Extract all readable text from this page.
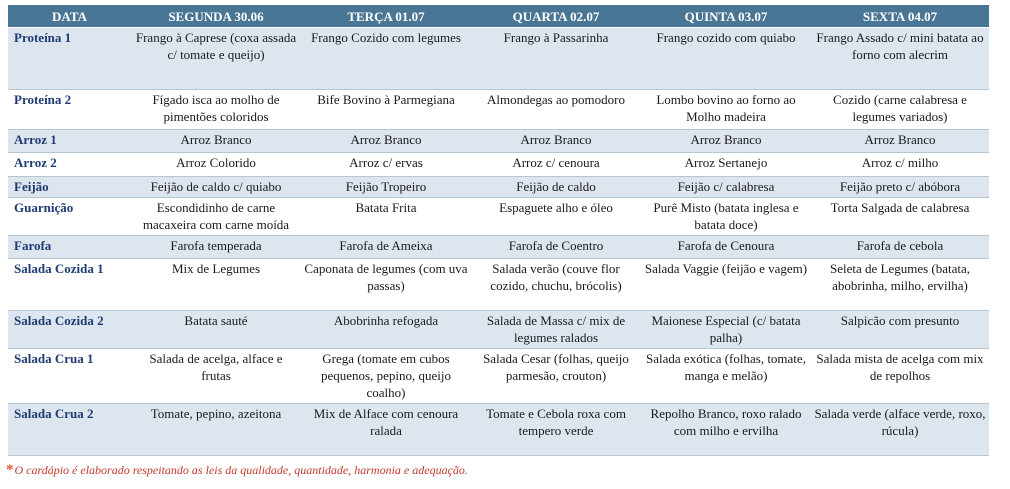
DATA	SEGUNDA 30.06	TERÇA 01.07	QUARTA 02.07	QUINTA 03.07	SEXTA 04.07
Proteína 1	Frango à Caprese (coxa assada c/ tomate e queijo)	Frango Cozido com legumes	Frango à Passarinha	Frango cozido com quiabo	Frango Assado c/ mini batata ao forno com alecrim
Proteína 2	Fígado isca ao molho de pimentões coloridos	Bife Bovino à Parmegiana	Almondegas ao pomodoro	Lombo bovino ao forno ao Molho madeira	Cozido (carne calabresa e legumes variados)
Arroz 1	Arroz Branco	Arroz Branco	Arroz Branco	Arroz Branco	Arroz Branco
Arroz 2	Arroz Colorido	Arroz c/ ervas	Arroz c/ cenoura	Arroz Sertanejo	Arroz c/ milho
Feijão	Feijão de caldo c/ quiabo	Feijão Tropeiro	Feijão de caldo	Feijão c/ calabresa	Feijão preto c/ abóbora
Guarnição	Escondidinho de carne macaxeira com carne moída	Batata Frita	Espaguete alho e óleo	Purê Misto (batata inglesa e batata doce)	Torta Salgada de calabresa
Farofa	Farofa temperada	Farofa de Ameixa	Farofa de Coentro	Farofa de Cenoura	Farofa de cebola
Salada Cozida 1	Mix de Legumes	Caponata de legumes (com uva passas)	Salada verão (couve flor cozido, chuchu, brócolis)	Salada Vaggie (feijão e vagem)	Seleta de Legumes (batata, abobrinha, milho, ervilha)
Salada Cozida 2	Batata sauté	Abobrinha refogada	Salada de Massa c/ mix de legumes ralados	Maionese Especial (c/ batata palha)	Salpicão com presunto
Salada Crua 1	Salada de acelga, alface e frutas	Grega (tomate em cubos pequenos, pepino, queijo coalho)	Salada Cesar (folhas, queijo parmesão, crouton)	Salada exótica (folhas, tomate, manga e melão)	Salada mista de acelga com mix de repolhos
Salada Crua 2	Tomate, pepino, azeitona	Mix de Alface com cenoura ralada	Tomate e Cebola roxa com tempero verde	Repolho Branco, roxo ralado com milho e ervilha	Salada verde (alface verde, roxo, rúcula)
*O cardápio é elaborado respeitando as leis da qualidade, quantidade, harmonia e adequação.
